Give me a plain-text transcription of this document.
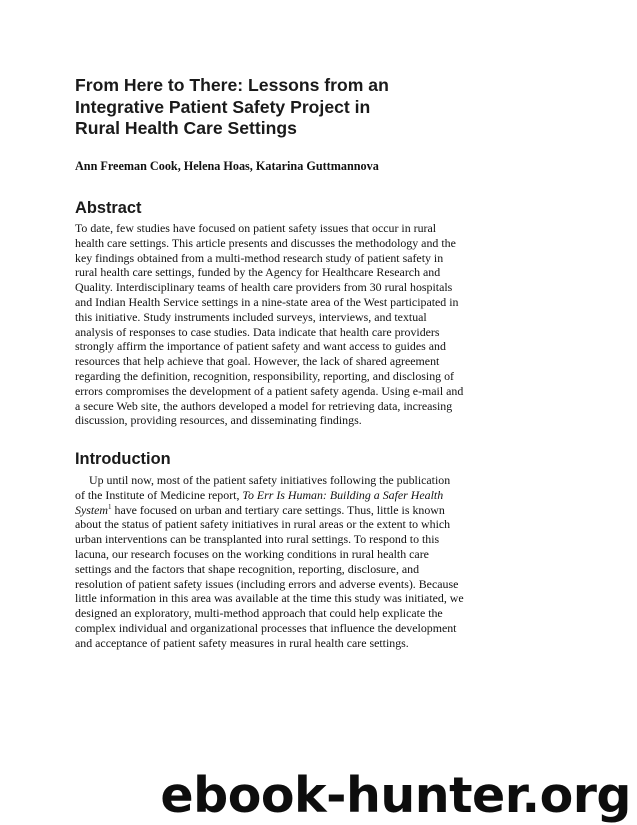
From Here to There: Lessons from an
Integrative Patient Safety Project in
Rural Health Care Settings

Ann Freeman Cook, Helena Hoas, Katarina Guttmannova

Abstract
To date, few studies have focused on patient safety issues that occur in rural
health care settings. This article presents and discusses the methodology and the
key findings obtained from a multi-method research study of patient safety in
rural health care settings, funded by the Agency for Healthcare Research and
Quality. Interdisciplinary teams of health care providers from 30 rural hospitals
and Indian Health Service settings in a nine-state area of the West participated in
this initiative. Study instruments included surveys, interviews, and textual
analysis of responses to case studies. Data indicate that health care providers
strongly affirm the importance of patient safety and want access to guides and
resources that help achieve that goal. However, the lack of shared agreement
regarding the definition, recognition, responsibility, reporting, and disclosing of
errors compromises the development of a patient safety agenda. Using e-mail and
a secure Web site, the authors developed a model for retrieving data, increasing
discussion, providing resources, and disseminating findings.
Introduction
Up until now, most of the patient safety initiatives following the publication
of the Institute of Medicine report, To Err Is Human: Building a Safer Health
System$^1$ have focused on urban and tertiary care settings. Thus, little is known
about the status of patient safety initiatives in rural areas or the extent to which
urban interventions can be transplanted into rural settings. To respond to this
lacuna, our research focuses on the working conditions in rural health care
settings and the factors that shape recognition, reporting, disclosure, and
resolution of patient safety issues (including errors and adverse events). Because
little information in this area was available at the time this study was initiated, we
designed an exploratory, multi-method approach that could help explicate the
complex individual and organizational processes that influence the development
and acceptance of patient safety measures in rural health care settings.
ebook-hunter.org
